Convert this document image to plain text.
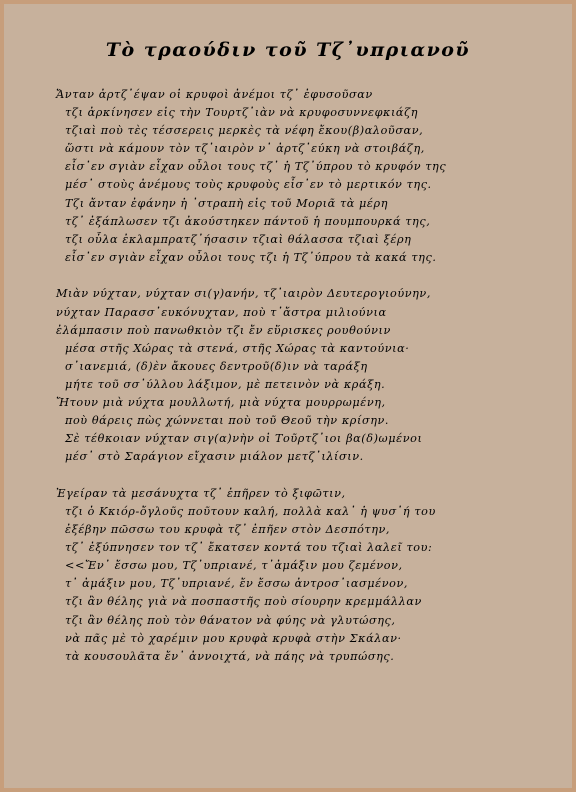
Τὸ τραούδιν τοῦ Τζ᾽υπριανοῦ
Ἄνταν ἀρτζ᾽έψαν οἱ κρυφοὶ ἀνέμοι τζ᾽ ἐφυσοῦσαν
τζι ἀρκίνησεν εἰς τὴν Τουρτζ᾽ιὰν νὰ κρυφοσυννεφκιάζη
τζιαὶ ποὺ τὲς τέσσερεις μερκὲς τὰ νέφη ἔκου(β)αλοῦσαν,
ὥστι νὰ κάμουν τὸν τζ᾽ιαιρὸν ν᾽ ἀρτζ᾽εύκη νὰ στοιβάζη,
εἶσ᾽εν σγιὰν εἶχαν οὗλοι τους τζ᾽ ἡ Τζ᾽ύπρου τὸ κρυφόν της
μέσ᾽ στοὺς ἀνέμους τοὺς κρυφοὺς εἶσ᾽εν τὸ μερτικόν της.
Τζι ἄνταν ἐφάνην ἡ ᾽στραπὴ εἰς τοῦ Μοριᾶ τὰ μέρη
τζ᾽ ἐξάπλωσεν τζι ἀκούστηκεν πάντοῦ ἡ πουμπουρκά της,
τζι οὗλα ἐκλαμπρατζ᾽ήσασιν τζιαὶ θάλασσα τζιαὶ ξέρη
εἶσ᾽εν σγιὰν εἶχαν οὗλοι τους τζι ἡ Τζ᾽ύπρου τὰ κακά της.
Μιὰν νύχταν, νύχταν σι(γ)ανήν, τζ᾽ιαιρὸν Δευτερογιούνην,
νύχταν Παρασσ᾽ευκόνυχταν, ποὺ τ᾽ἄστρα μιλιούνια
ἐλάμπασιν ποὺ πανωθκιὸν τζι ἔν εὕρισκες ρουθούνιν
μέσα στῆς Χώρας τὰ στενά, στῆς Χώρας τὰ καντούνια·
σ᾽ιανεμιά, (δ)ὲν ἄκουες δεντροῦ(δ)ιν νὰ ταράξη
μήτε τοῦ σσ᾽ύλλου λάξιμον, μὲ πετεινὸν νὰ κράξη.
Ἤτουν μιὰ νύχτα μουλλωτή, μιὰ νύχτα μουρρωμένη,
ποὺ θάρεις πὼς χώννεται ποὺ τοῦ Θεοῦ τὴν κρίσην.
Σὲ τέθκοιαν νύχταν σιγ(α)νὴν οἱ Τοῦρτζ᾽ιοι βα(δ)ωμένοι
μέσ᾽ στὸ Σαράγιον εἴχασιν μιάλον μετζ᾽ιλίσιν.
Ἐγείραν τὰ μεσάνυχτα τζ᾽ ἐπῆρεν τὸ ξιφῶτιν,
τζι ὁ Κκιόρ-ὄγλοῦς ποῦτουν καλή, πολλὰ καλ᾽ ἡ ψυσ᾽ή του
ἐξέβην πῶσσω του κρυφὰ τζ᾽ ἐπῆεν στὸν Δεσπότην,
τζ᾽ ἐξύπνησεν τον τζ᾽ ἔκατσεν κοντά του τζιαὶ λαλεῖ του:
<<Ἔν᾽ ἔσσω μου, Τζ᾽υπριανέ, τ᾽ἀμάξιν μου ζεμένον,
τ᾽ ἀμάξιν μου, Τζ᾽υπριανέ, ἔν ἔσσω ἀντροσ᾽ιασμένον,
τζι ἂν θέλης γιὰ νὰ ποσπαστῆς ποὺ σίουρην κρεμμάλλαν
τζι ἂν θέλης ποὺ τὸν θάνατον νὰ φύης νὰ γλυτώσης,
νὰ πᾶς μὲ τὸ χαρέμιν μου κρυφὰ κρυφὰ στὴν Σκάλαν·
τὰ κουσουλᾶτα ἔν᾽ ἀννοιχτά, νὰ πάης νὰ τρυπώσης.
